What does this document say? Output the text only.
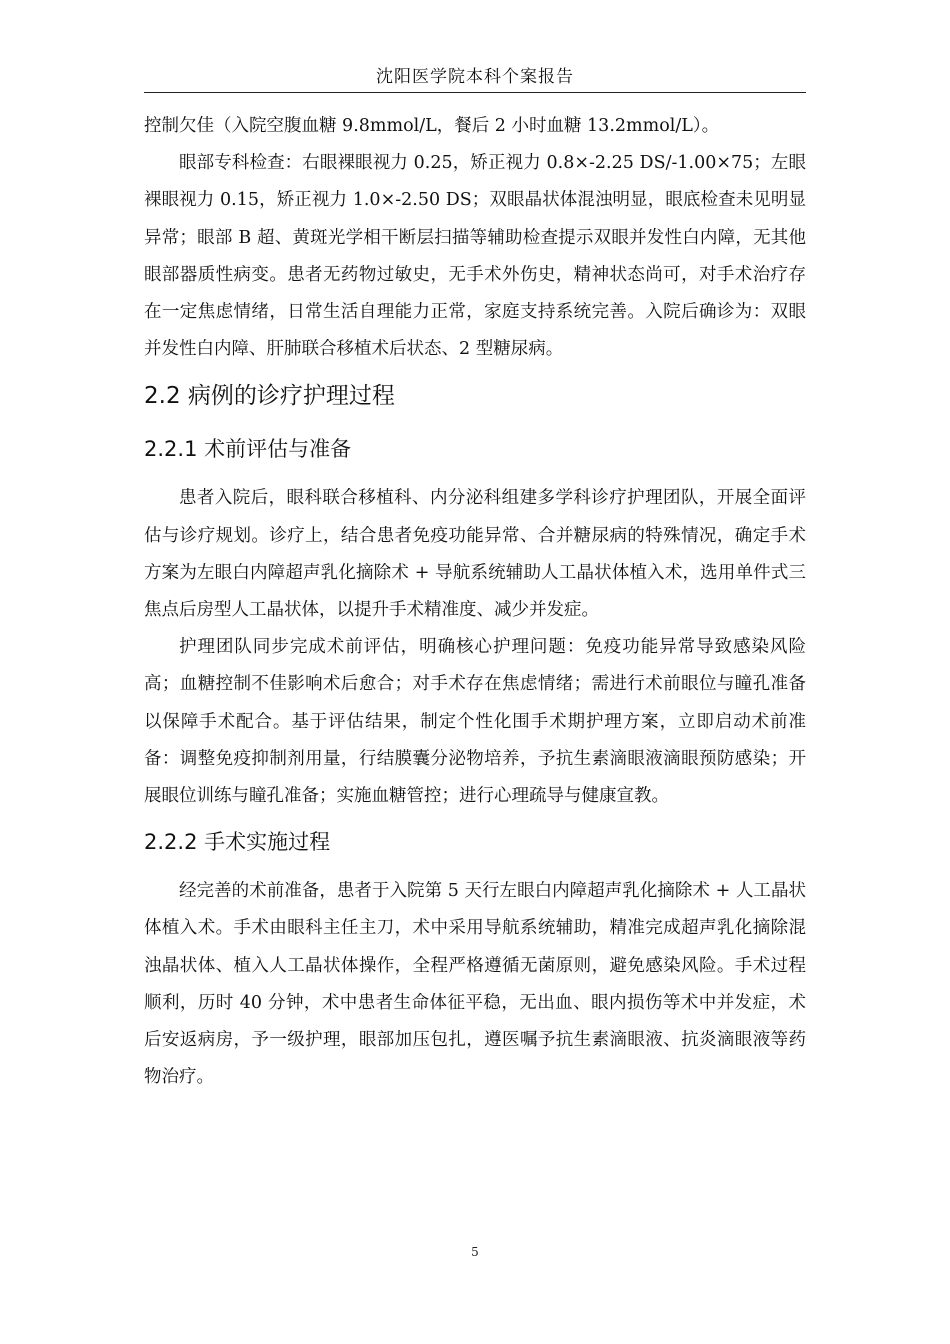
沈阳医学院本科个案报告

控制欠佳（入院空腹血糖 9.8mmol/L，餐后 2 小时血糖 13.2mmol/L）。

眼部专科检查：右眼裸眼视力 0.25，矫正视力 0.8×-2.25 DS/-1.00×75；左眼裸眼视力 0.15，矫正视力 1.0×-2.50 DS；双眼晶状体混浊明显，眼底检查未见明显异常；眼部 B 超、黄斑光学相干断层扫描等辅助检查提示双眼并发性白内障，无其他眼部器质性病变。患者无药物过敏史，无手术外伤史，精神状态尚可，对手术治疗存在一定焦虑情绪，日常生活自理能力正常，家庭支持系统完善。入院后确诊为：双眼并发性白内障、肝肺联合移植术后状态、2 型糖尿病。

2.2 病例的诊疗护理过程
2.2.1 术前评估与准备

患者入院后，眼科联合移植科、内分泌科组建多学科诊疗护理团队，开展全面评估与诊疗规划。诊疗上，结合患者免疫功能异常、合并糖尿病的特殊情况，确定手术方案为左眼白内障超声乳化摘除术 + 导航系统辅助人工晶状体植入术，选用单件式三焦点后房型人工晶状体，以提升手术精准度、减少并发症。

护理团队同步完成术前评估，明确核心护理问题：免疫功能异常导致感染风险高；血糖控制不佳影响术后愈合；对手术存在焦虑情绪；需进行术前眼位与瞳孔准备以保障手术配合。基于评估结果，制定个性化围手术期护理方案，立即启动术前准备：调整免疫抑制剂用量，行结膜囊分泌物培养，予抗生素滴眼液滴眼预防感染；开展眼位训练与瞳孔准备；实施血糖管控；进行心理疏导与健康宣教。

2.2.2 手术实施过程

经完善的术前准备，患者于入院第 5 天行左眼白内障超声乳化摘除术 + 人工晶状体植入术。手术由眼科主任主刀，术中采用导航系统辅助，精准完成超声乳化摘除混浊晶状体、植入人工晶状体操作，全程严格遵循无菌原则，避免感染风险。手术过程顺利，历时 40 分钟，术中患者生命体征平稳，无出血、眼内损伤等术中并发症，术后安返病房，予一级护理，眼部加压包扎，遵医嘱予抗生素滴眼液、抗炎滴眼液等药物治疗。

5
